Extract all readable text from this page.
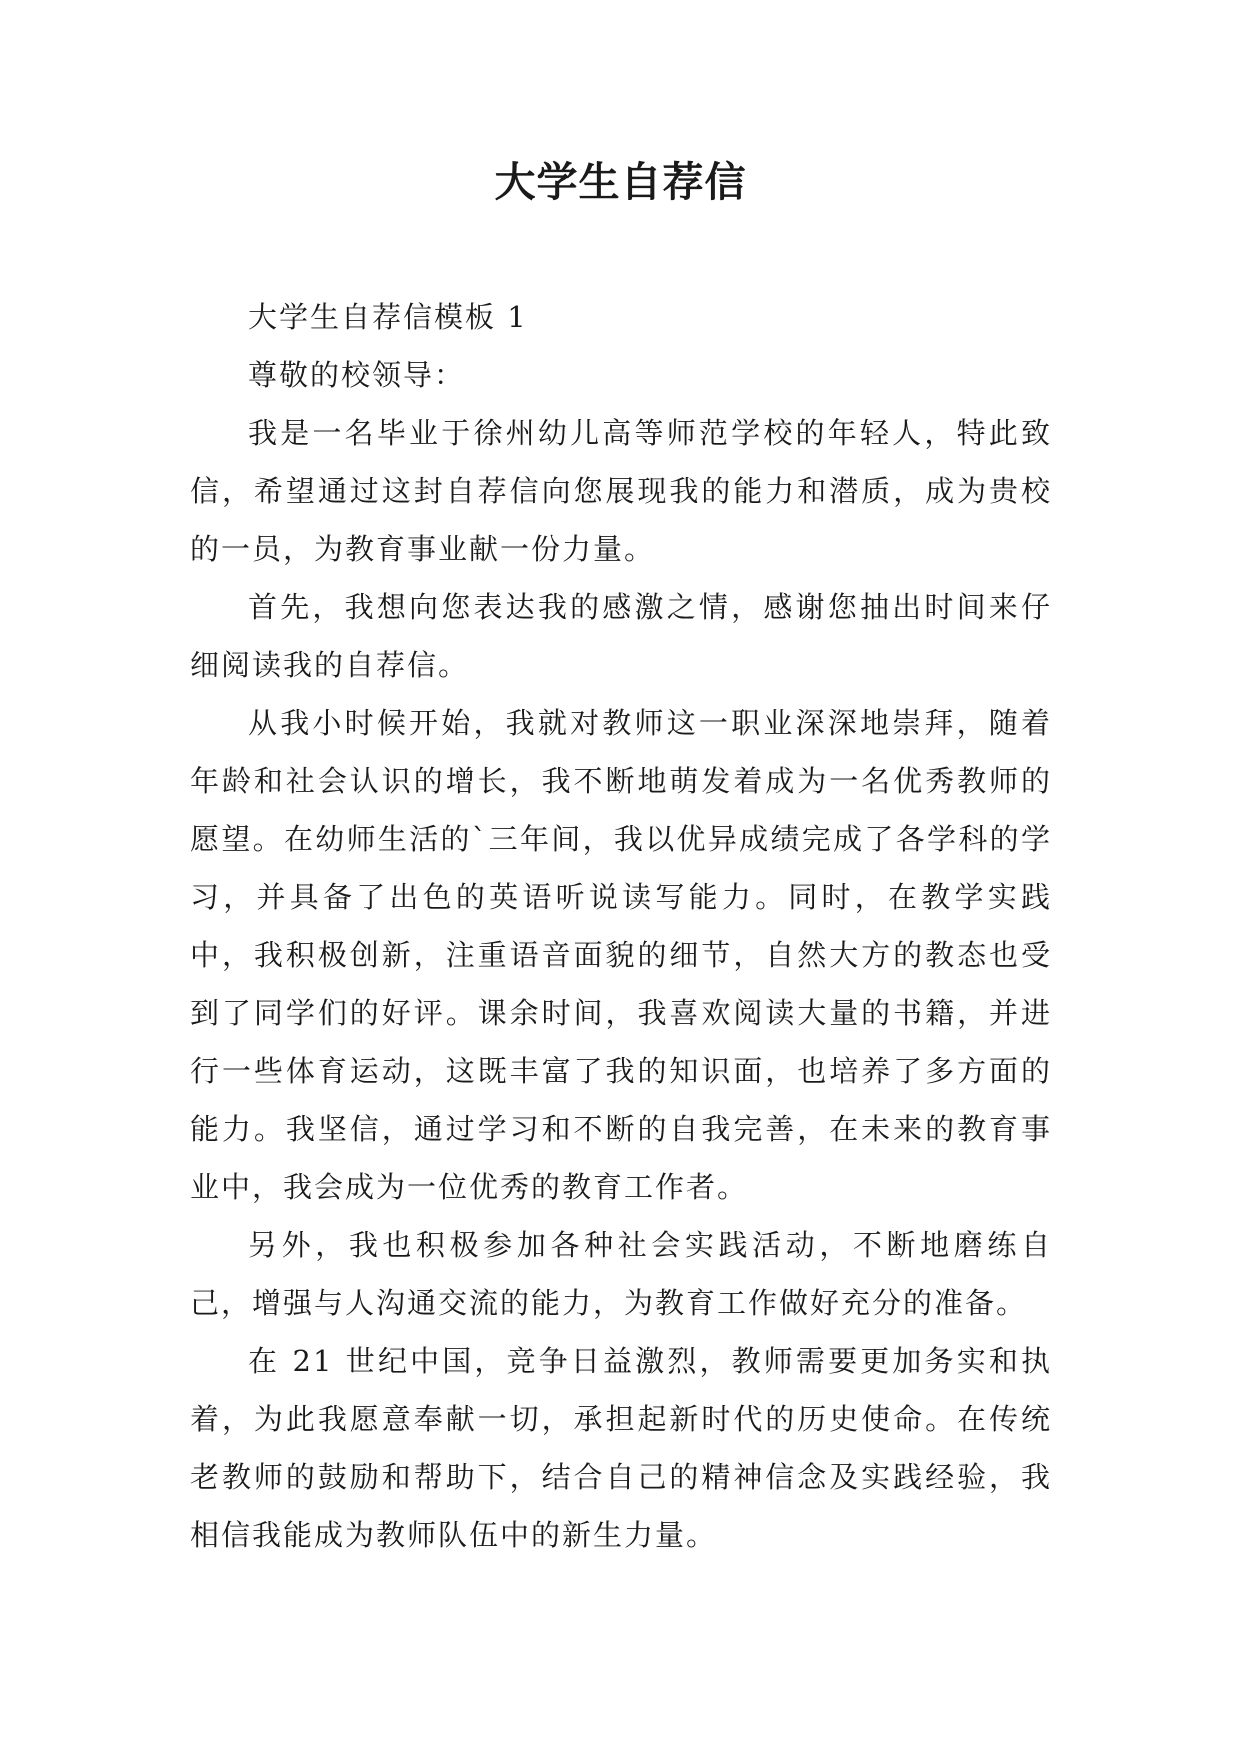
大学生自荐信

大学生自荐信模板 1

尊敬的校领导：

我是一名毕业于徐州幼儿高等师范学校的年轻人，特此致信，希望通过这封自荐信向您展现我的能力和潜质，成为贵校的一员，为教育事业献一份力量。

首先，我想向您表达我的感激之情，感谢您抽出时间来仔细阅读我的自荐信。

从我小时候开始，我就对教师这一职业深深地崇拜，随着年龄和社会认识的增长，我不断地萌发着成为一名优秀教师的愿望。在幼师生活的`三年间，我以优异成绩完成了各学科的学习，并具备了出色的英语听说读写能力。同时，在教学实践中，我积极创新，注重语音面貌的细节，自然大方的教态也受到了同学们的好评。课余时间，我喜欢阅读大量的书籍，并进行一些体育运动，这既丰富了我的知识面，也培养了多方面的能力。我坚信，通过学习和不断的自我完善，在未来的教育事业中，我会成为一位优秀的教育工作者。

另外，我也积极参加各种社会实践活动，不断地磨练自己，增强与人沟通交流的能力，为教育工作做好充分的准备。

在 21 世纪中国，竞争日益激烈，教师需要更加务实和执着，为此我愿意奉献一切，承担起新时代的历史使命。在传统老教师的鼓励和帮助下，结合自己的精神信念及实践经验，我相信我能成为教师队伍中的新生力量。
